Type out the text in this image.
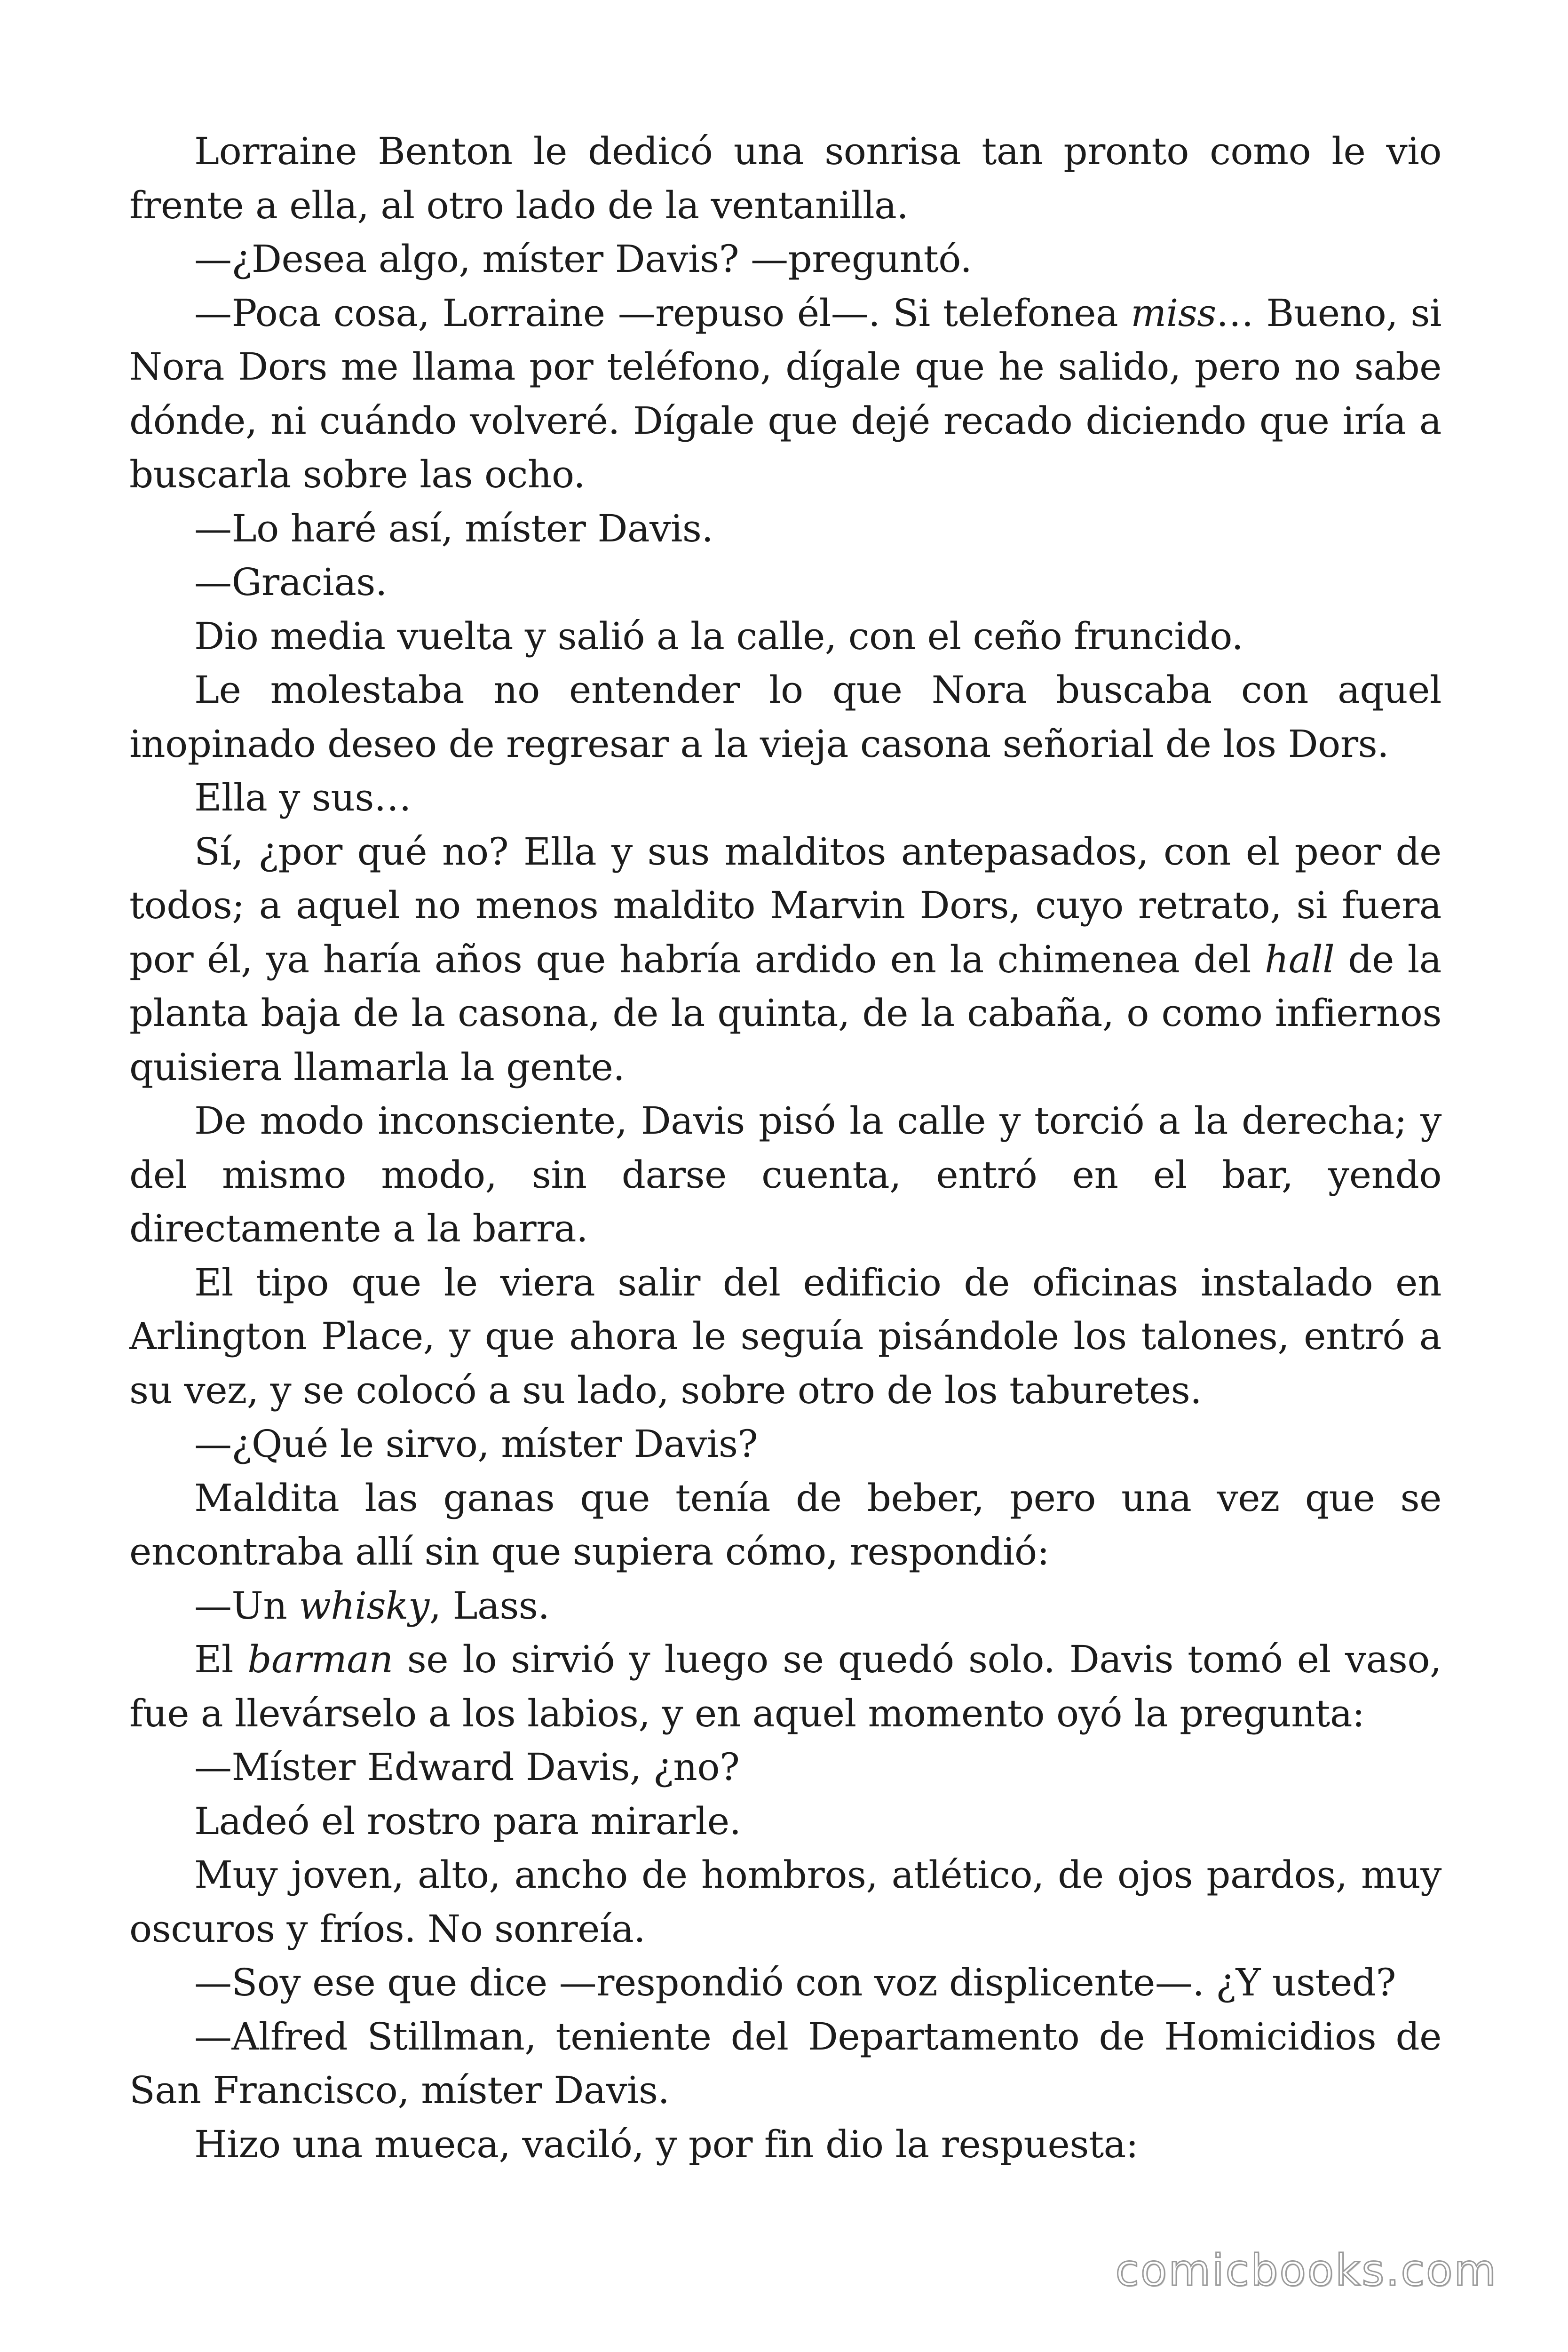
Lorraine Benton le dedicó una sonrisa tan pronto como le vio frente a ella, al otro lado de la ventanilla.

—¿Desea algo, míster Davis? —preguntó.

—Poca cosa, Lorraine —repuso él—. Si telefonea miss… Bueno, si Nora Dors me llama por teléfono, dígale que he salido, pero no sabe dónde, ni cuándo volveré. Dígale que dejé recado diciendo que iría a buscarla sobre las ocho.

—Lo haré así, míster Davis.

—Gracias.

Dio media vuelta y salió a la calle, con el ceño fruncido.

Le molestaba no entender lo que Nora buscaba con aquel inopinado deseo de regresar a la vieja casona señorial de los Dors.

Ella y sus…

Sí, ¿por qué no? Ella y sus malditos antepasados, con el peor de todos; a aquel no menos maldito Marvin Dors, cuyo retrato, si fuera por él, ya haría años que habría ardido en la chimenea del hall de la planta baja de la casona, de la quinta, de la cabaña, o como infiernos quisiera llamarla la gente.

De modo inconsciente, Davis pisó la calle y torció a la derecha; y del mismo modo, sin darse cuenta, entró en el bar, yendo directamente a la barra.

El tipo que le viera salir del edificio de oficinas instalado en Arlington Place, y que ahora le seguía pisándole los talones, entró a su vez, y se colocó a su lado, sobre otro de los taburetes.

—¿Qué le sirvo, míster Davis?

Maldita las ganas que tenía de beber, pero una vez que se encontraba allí sin que supiera cómo, respondió:

—Un whisky, Lass.

El barman se lo sirvió y luego se quedó solo. Davis tomó el vaso, fue a llevárselo a los labios, y en aquel momento oyó la pregunta:

—Míster Edward Davis, ¿no?

Ladeó el rostro para mirarle.

Muy joven, alto, ancho de hombros, atlético, de ojos pardos, muy oscuros y fríos. No sonreía.

—Soy ese que dice —respondió con voz displicente—. ¿Y usted?

—Alfred Stillman, teniente del Departamento de Homicidios de San Francisco, míster Davis.

Hizo una mueca, vaciló, y por fin dio la respuesta:

comicbooks.com
